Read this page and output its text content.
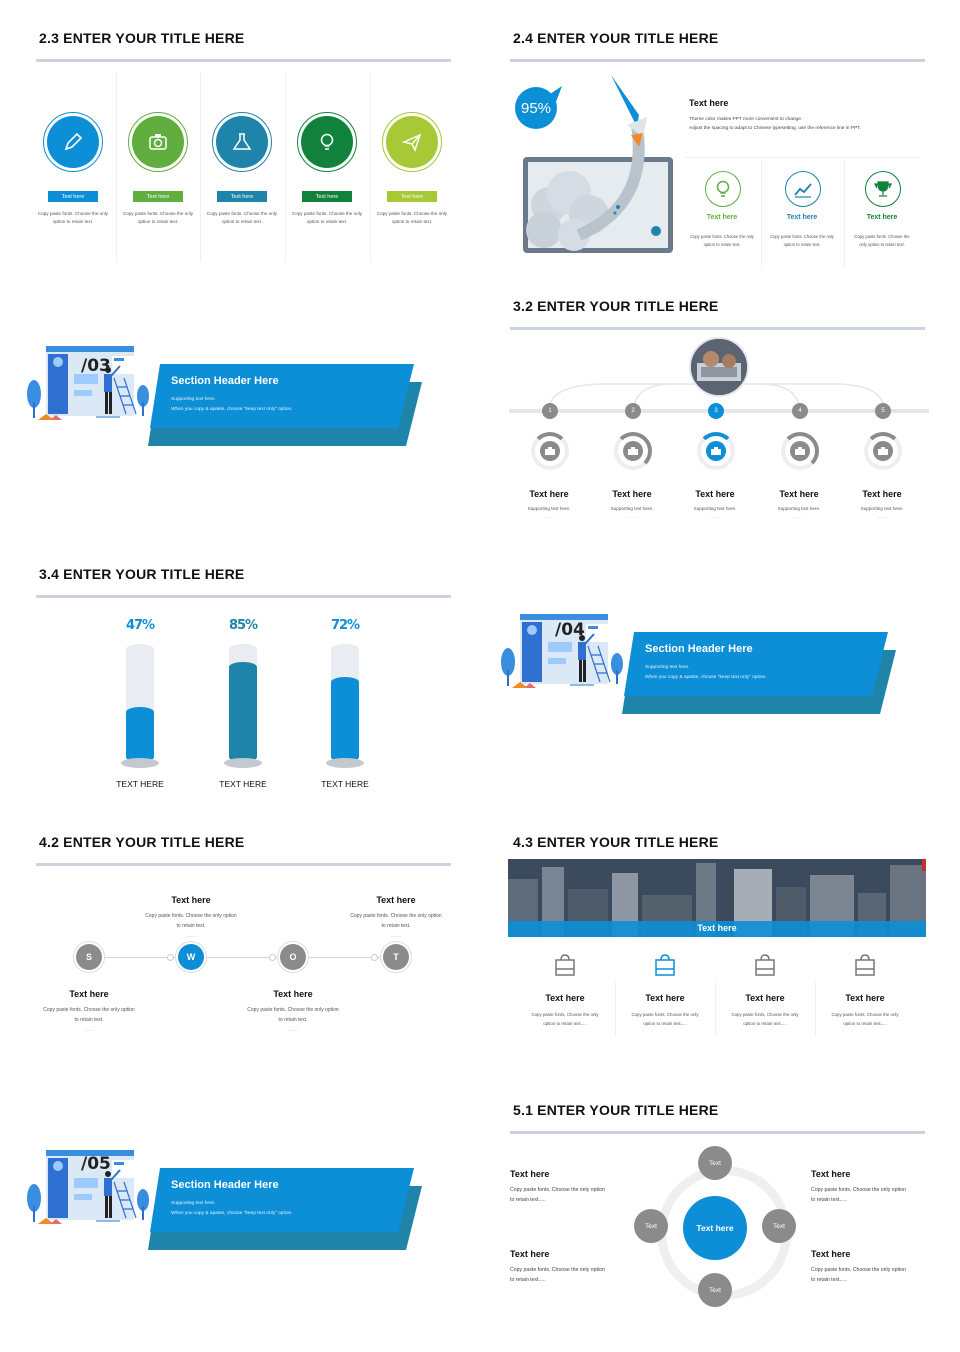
2.3 ENTER YOUR TITLE HERE
Text here
Copy paste fonts. Choose the only
option to retain text.
Text here
Copy paste fonts. Choose the only
option to retain text.
Text here
Copy paste fonts. Choose the only
option to retain text.
Text here
Copy paste fonts. Choose the only
option to retain text.
Text here
Copy paste fonts. Choose the only
option to retain text.
2.4 ENTER YOUR TITLE HERE
95%	Text here
Theme color makes PPT more convenient to change.
Adjust the spacing to adapt to Chinese typesetting, use the reference line in PPT.
Text here
Copy paste fonts. Choose the only
option to retain text.
Text here
Copy paste fonts. Choose the only
option to retain text.
Text here
Copy paste fonts. Choose the
only option to retain text.
/03
Section Header Here
Supporting text here.
When you copy & apaste, choose "keep text only" option.
3.2 ENTER YOUR TITLE HERE
1
Text here
Supporting text here.
……
2
Text here
Supporting text here.
……
3
Text here
Supporting text here.
……
4
Text here
Supporting text here.
……
5
Text here
Supporting text here.
……
3.4 ENTER YOUR TITLE HERE
47%
TEXT HERE
85%
TEXT HERE
72%
TEXT HERE
/04
Section Header Here
Supporting text here.
When you copy & apaste, choose "keep text only" option.
4.2 ENTER YOUR TITLE HERE
S
Text here
Copy paste fonts. Choose the only option
to retain text.
……
W
Text here
Copy paste fonts. Choose the only option
to retain text.
……
O
Text here
Copy paste fonts. Choose the only option
to retain text.
……
T
Text here
Copy paste fonts. Choose the only option
to retain text.
……
4.3 ENTER YOUR TITLE HERE
Text here
Text here
Copy paste fonts. Choose the only
option to retain text.....
Text here
Copy paste fonts. Choose the only
option to retain text.....
Text here
Copy paste fonts. Choose the only
option to retain text.....
Text here
Copy paste fonts. Choose the only
option to retain text.....
/05
Section Header Here
Supporting text here.
When you copy & apaste, choose "keep text only" option.
5.1 ENTER YOUR TITLE HERE
Text here
Text
Text	Text
Text
Text here
Copy paste fonts. Choose the only option
to retain text.....
Text here
Copy paste fonts. Choose the only option
to retain text.....
Text here
Copy paste fonts. Choose the only option
to retain text.....
Text here
Copy paste fonts. Choose the only option
to retain text.....
